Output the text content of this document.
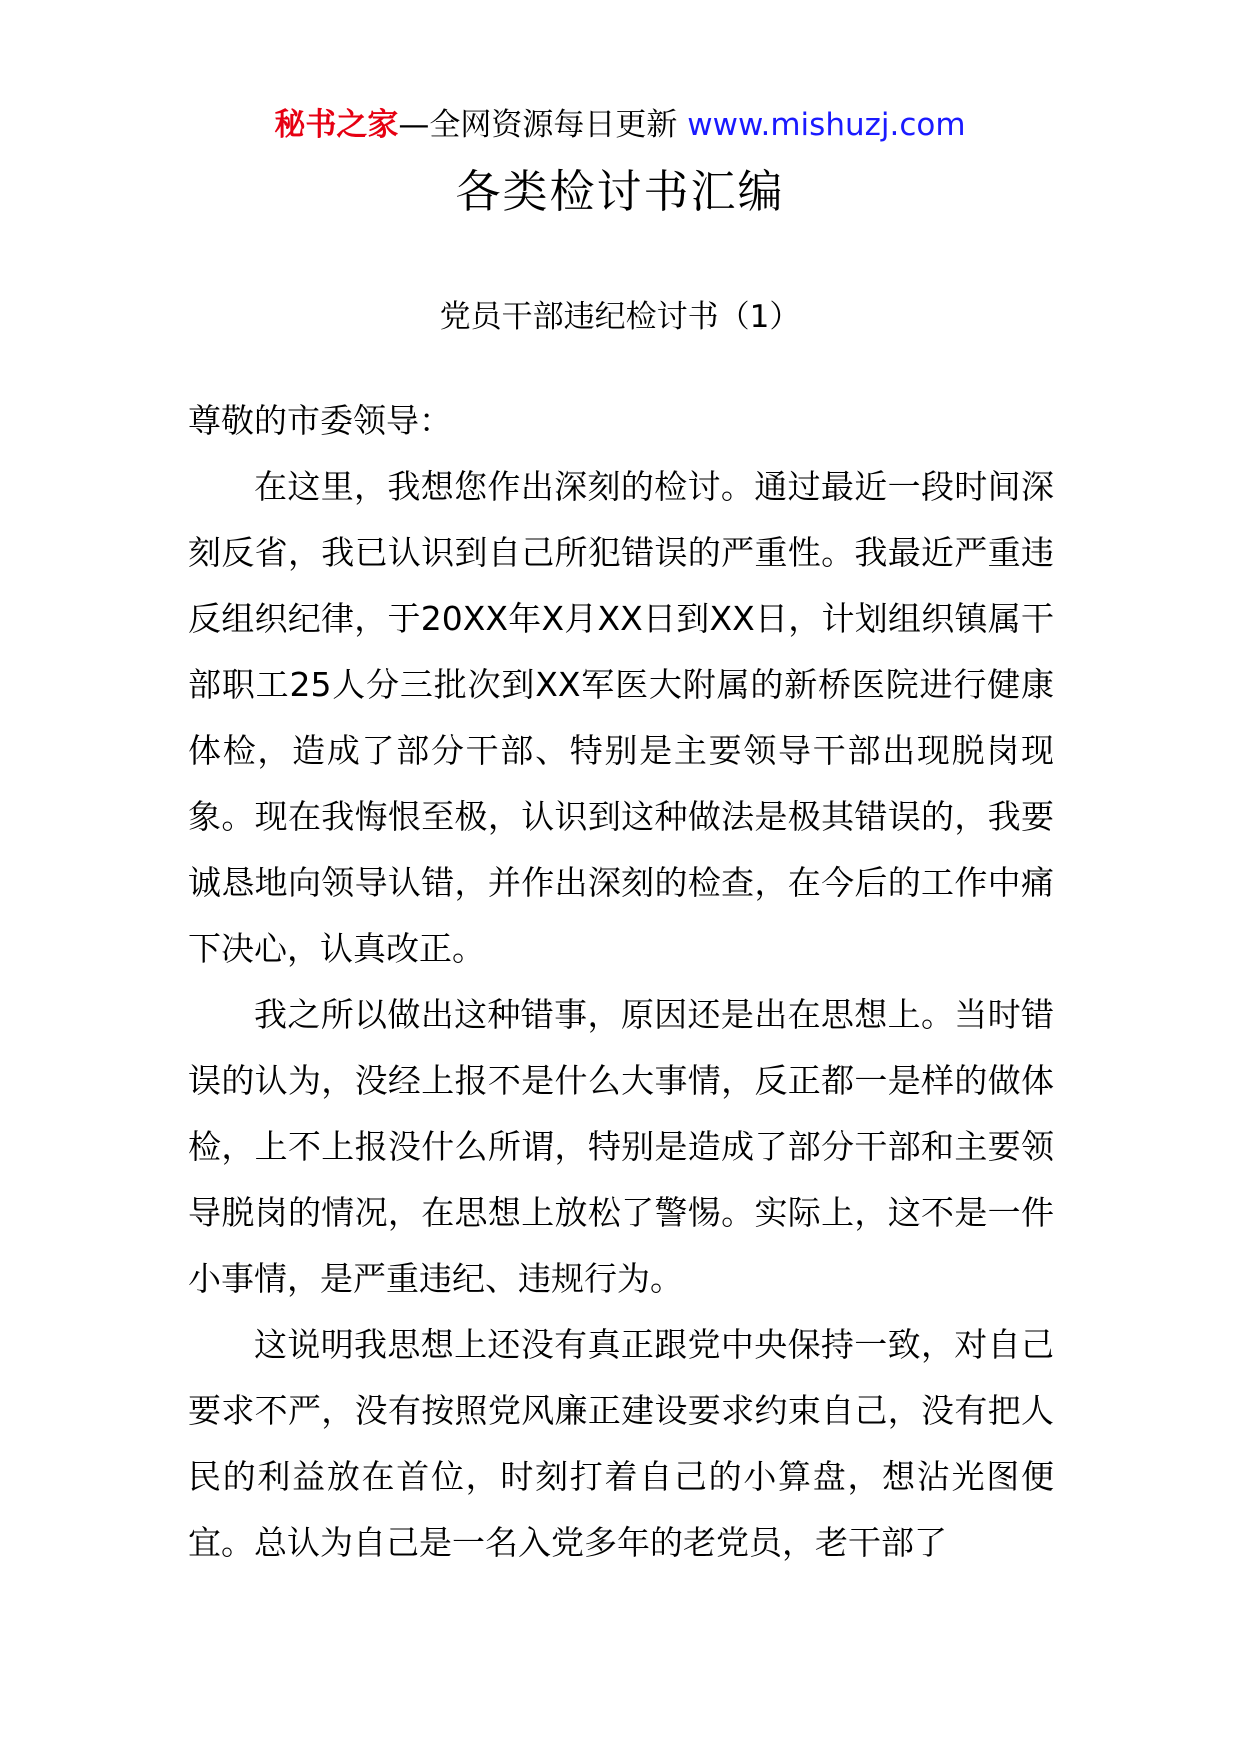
秘书之家—全网资源每日更新 www.mishuzj.com
各类检讨书汇编
党员干部违纪检讨书（1）

尊敬的市委领导：

在这里，我想您作出深刻的检讨。通过最近一段时间深刻反省，我已认识到自己所犯错误的严重性。我最近严重违反组织纪律，于20XX年X月XX日到XX日，计划组织镇属干部职工25人分三批次到XX军医大附属的新桥医院进行健康体检，造成了部分干部、特别是主要领导干部出现脱岗现象。现在我悔恨至极，认识到这种做法是极其错误的，我要诚恳地向领导认错，并作出深刻的检查，在今后的工作中痛下决心，认真改正。

我之所以做出这种错事，原因还是出在思想上。当时错误的认为，没经上报不是什么大事情，反正都一是样的做体检，上不上报没什么所谓，特别是造成了部分干部和主要领导脱岗的情况，在思想上放松了警惕。实际上，这不是一件小事情，是严重违纪、违规行为。

这说明我思想上还没有真正跟党中央保持一致，对自己要求不严，没有按照党风廉正建设要求约束自己，没有把人民的利益放在首位，时刻打着自己的小算盘，想沾光图便宜。总认为自己是一名入党多年的老党员，老干部了
